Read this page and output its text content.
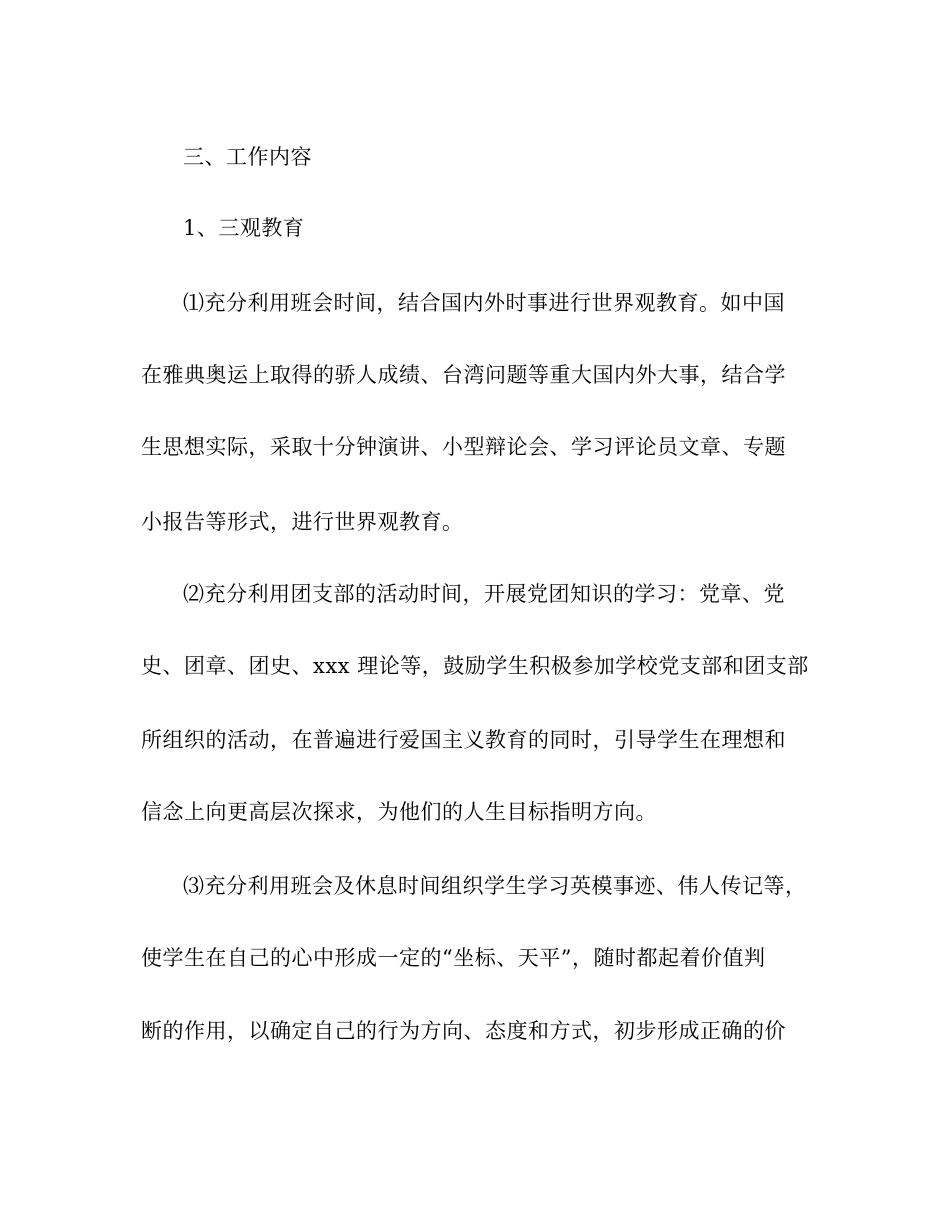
三、工作内容
1、三观教育
⑴充分利用班会时间，结合国内外时事进行世界观教育。如中国
在雅典奥运上取得的骄人成绩、台湾问题等重大国内外大事，结合学
生思想实际，采取十分钟演讲、小型辩论会、学习评论员文章、专题
小报告等形式，进行世界观教育。
⑵充分利用团支部的活动时间，开展党团知识的学习：党章、党
史、团章、团史、xxx 理论等，鼓励学生积极参加学校党支部和团支部
所组织的活动，在普遍进行爱国主义教育的同时，引导学生在理想和
信念上向更高层次探求，为他们的人生目标指明方向。
⑶充分利用班会及休息时间组织学生学习英模事迹、伟人传记等，
使学生在自己的心中形成一定的“坐标、天平”，随时都起着价值判
断的作用，以确定自己的行为方向、态度和方式，初步形成正确的价
